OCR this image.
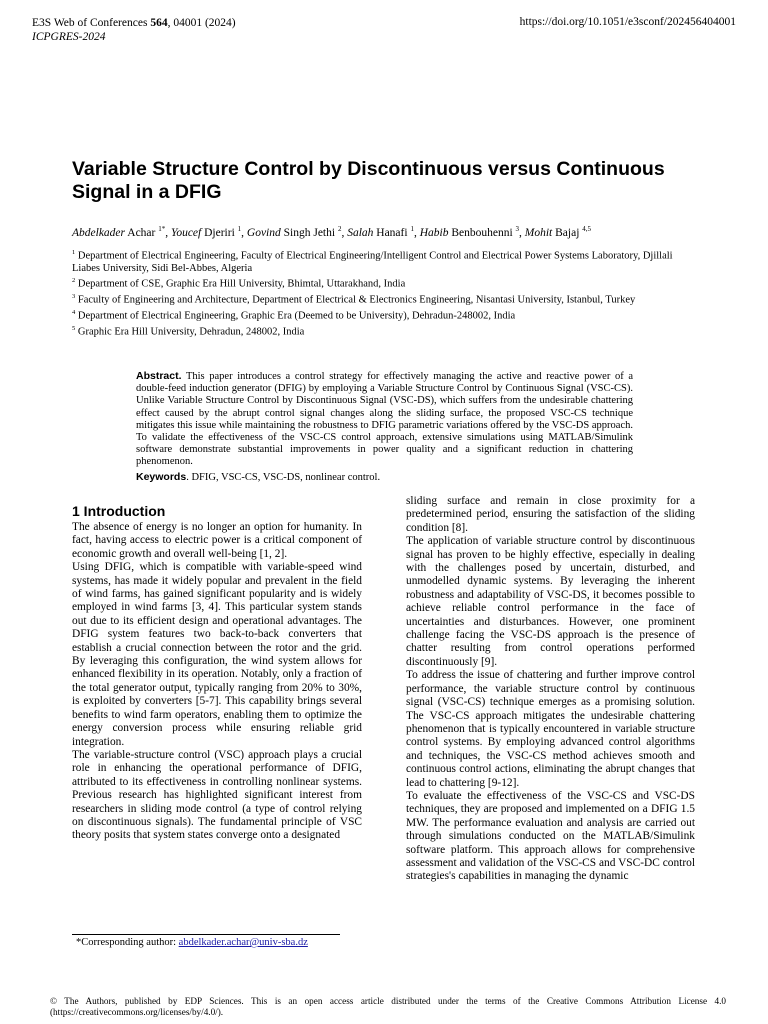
E3S Web of Conferences 564, 04001 (2024)
ICPGRES-2024
https://doi.org/10.1051/e3sconf/202456404001
Variable Structure Control by Discontinuous versus Continuous Signal in a DFIG
Abdelkader Achar $^{1*}$, Youcef Djeriri $^1$, Govind Singh Jethi $^2$, Salah Hanafi $^1$, Habib Benbouhenni $^3$, Mohit Bajaj $^{4,5}$
$^1$ Department of Electrical Engineering, Faculty of Electrical Engineering/Intelligent Control and Electrical Power Systems Laboratory, Djillali Liabes University, Sidi Bel-Abbes, Algeria
$^2$ Department of CSE, Graphic Era Hill University, Bhimtal, Uttarakhand, India
$^3$ Faculty of Engineering and Architecture, Department of Electrical & Electronics Engineering, Nisantasi University, Istanbul, Turkey
$^4$ Department of Electrical Engineering, Graphic Era (Deemed to be University), Dehradun-248002, India
$^5$ Graphic Era Hill University, Dehradun, 248002, India
Abstract. This paper introduces a control strategy for effectively managing the active and reactive power of a double-feed induction generator (DFIG) by employing a Variable Structure Control by Continuous Signal (VSC-CS). Unlike Variable Structure Control by Discontinuous Signal (VSC-DS), which suffers from the undesirable chattering effect caused by the abrupt control signal changes along the sliding surface, the proposed VSC-CS technique mitigates this issue while maintaining the robustness to DFIG parametric variations offered by the VSC-DS approach. To validate the effectiveness of the VSC-CS control approach, extensive simulations using MATLAB/Simulink software demonstrate substantial improvements in power quality and a significant reduction in chattering phenomenon.
Keywords. DFIG, VSC-CS, VSC-DS, nonlinear control.
1 Introduction

The absence of energy is no longer an option for humanity. In fact, having access to electric power is a critical component of economic growth and overall well-being [1, 2].

Using DFIG, which is compatible with variable-speed wind systems, has made it widely popular and prevalent in the field of wind farms, has gained significant popularity and is widely employed in wind farms [3, 4]. This particular system stands out due to its efficient design and operational advantages. The DFIG system features two back-to-back converters that establish a crucial connection between the rotor and the grid. By leveraging this configuration, the wind system allows for enhanced flexibility in its operation. Notably, only a fraction of the total generator output, typically ranging from 20% to 30%, is exploited by converters [5-7]. This capability brings several benefits to wind farm operators, enabling them to optimize the energy conversion process while ensuring reliable grid integration.

The variable-structure control (VSC) approach plays a crucial role in enhancing the operational performance of DFIG, attributed to its effectiveness in controlling nonlinear systems. Previous research has highlighted significant interest from researchers in sliding mode control (a type of control relying on discontinuous signals). The fundamental principle of VSC theory posits that system states converge onto a designated

sliding surface and remain in close proximity for a predetermined period, ensuring the satisfaction of the sliding condition [8].

The application of variable structure control by discontinuous signal has proven to be highly effective, especially in dealing with the challenges posed by uncertain, disturbed, and unmodelled dynamic systems. By leveraging the inherent robustness and adaptability of VSC-DS, it becomes possible to achieve reliable control performance in the face of uncertainties and disturbances. However, one prominent challenge facing the VSC-DS approach is the presence of chatter resulting from control operations performed discontinuously [9].

To address the issue of chattering and further improve control performance, the variable structure control by continuous signal (VSC-CS) technique emerges as a promising solution. The VSC-CS approach mitigates the undesirable chattering phenomenon that is typically encountered in variable structure control systems. By employing advanced control algorithms and techniques, the VSC-CS method achieves smooth and continuous control actions, eliminating the abrupt changes that lead to chattering [9-12].

To evaluate the effectiveness of the VSC-CS and VSC-DS techniques, they are proposed and implemented on a DFIG 1.5 MW. The performance evaluation and analysis are carried out through simulations conducted on the MATLAB/Simulink software platform. This approach allows for comprehensive assessment and validation of the VSC-CS and VSC-DC control strategies's capabilities in managing the dynamic

*Corresponding author: abdelkader.achar@univ-sba.dz
© The Authors, published by EDP Sciences. This is an open access article distributed under the terms of the Creative Commons Attribution License 4.0 (https://creativecommons.org/licenses/by/4.0/).
